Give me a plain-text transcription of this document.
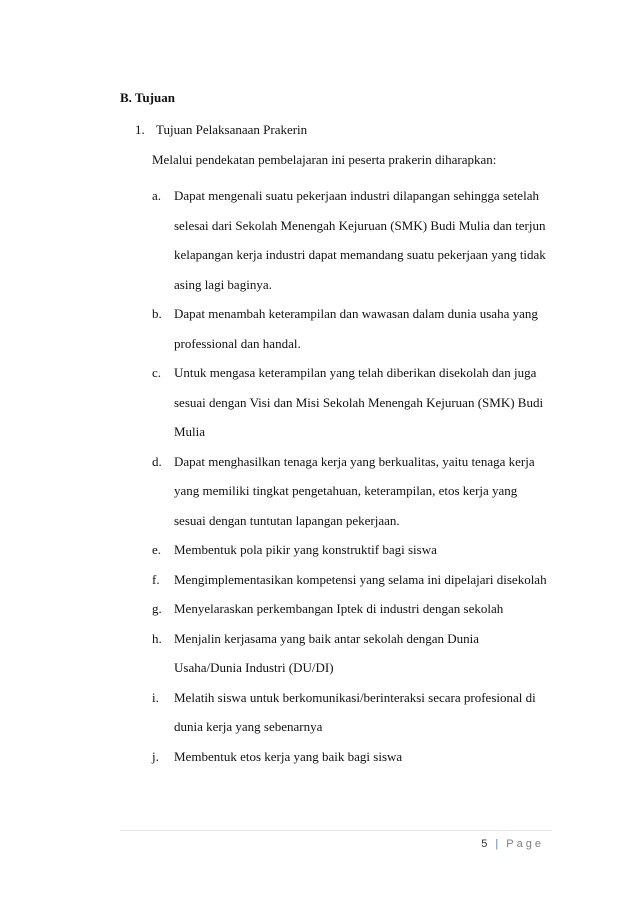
B. Tujuan
1. Tujuan Pelaksanaan Prakerin
Melalui pendekatan pembelajaran ini peserta prakerin diharapkan:
a. Dapat mengenali suatu pekerjaan industri dilapangan sehingga setelah
selesai dari Sekolah Menengah Kejuruan (SMK) Budi Mulia dan terjun
kelapangan kerja industri dapat memandang suatu pekerjaan yang tidak
asing lagi baginya.
b. Dapat menambah keterampilan dan wawasan dalam dunia usaha yang
professional dan handal.
c. Untuk mengasa keterampilan yang telah diberikan disekolah dan juga
sesuai dengan Visi dan Misi Sekolah Menengah Kejuruan (SMK) Budi
Mulia
d. Dapat menghasilkan tenaga kerja yang berkualitas, yaitu tenaga kerja
yang memiliki tingkat pengetahuan, keterampilan, etos kerja yang
sesuai dengan tuntutan lapangan pekerjaan.
e. Membentuk pola pikir yang konstruktif bagi siswa
f.	Mengimplementasikan kompetensi yang selama ini dipelajari disekolah
g. Menyelaraskan perkembangan Iptek di industri dengan sekolah
h. Menjalin kerjasama yang baik antar sekolah dengan Dunia
Usaha/Dunia Industri (DU/DI)
i.	Melatih siswa untuk berkomunikasi/berinteraksi secara profesional di
dunia kerja yang sebenarnya
j.	Membentuk etos kerja yang baik bagi siswa
5 | Page
